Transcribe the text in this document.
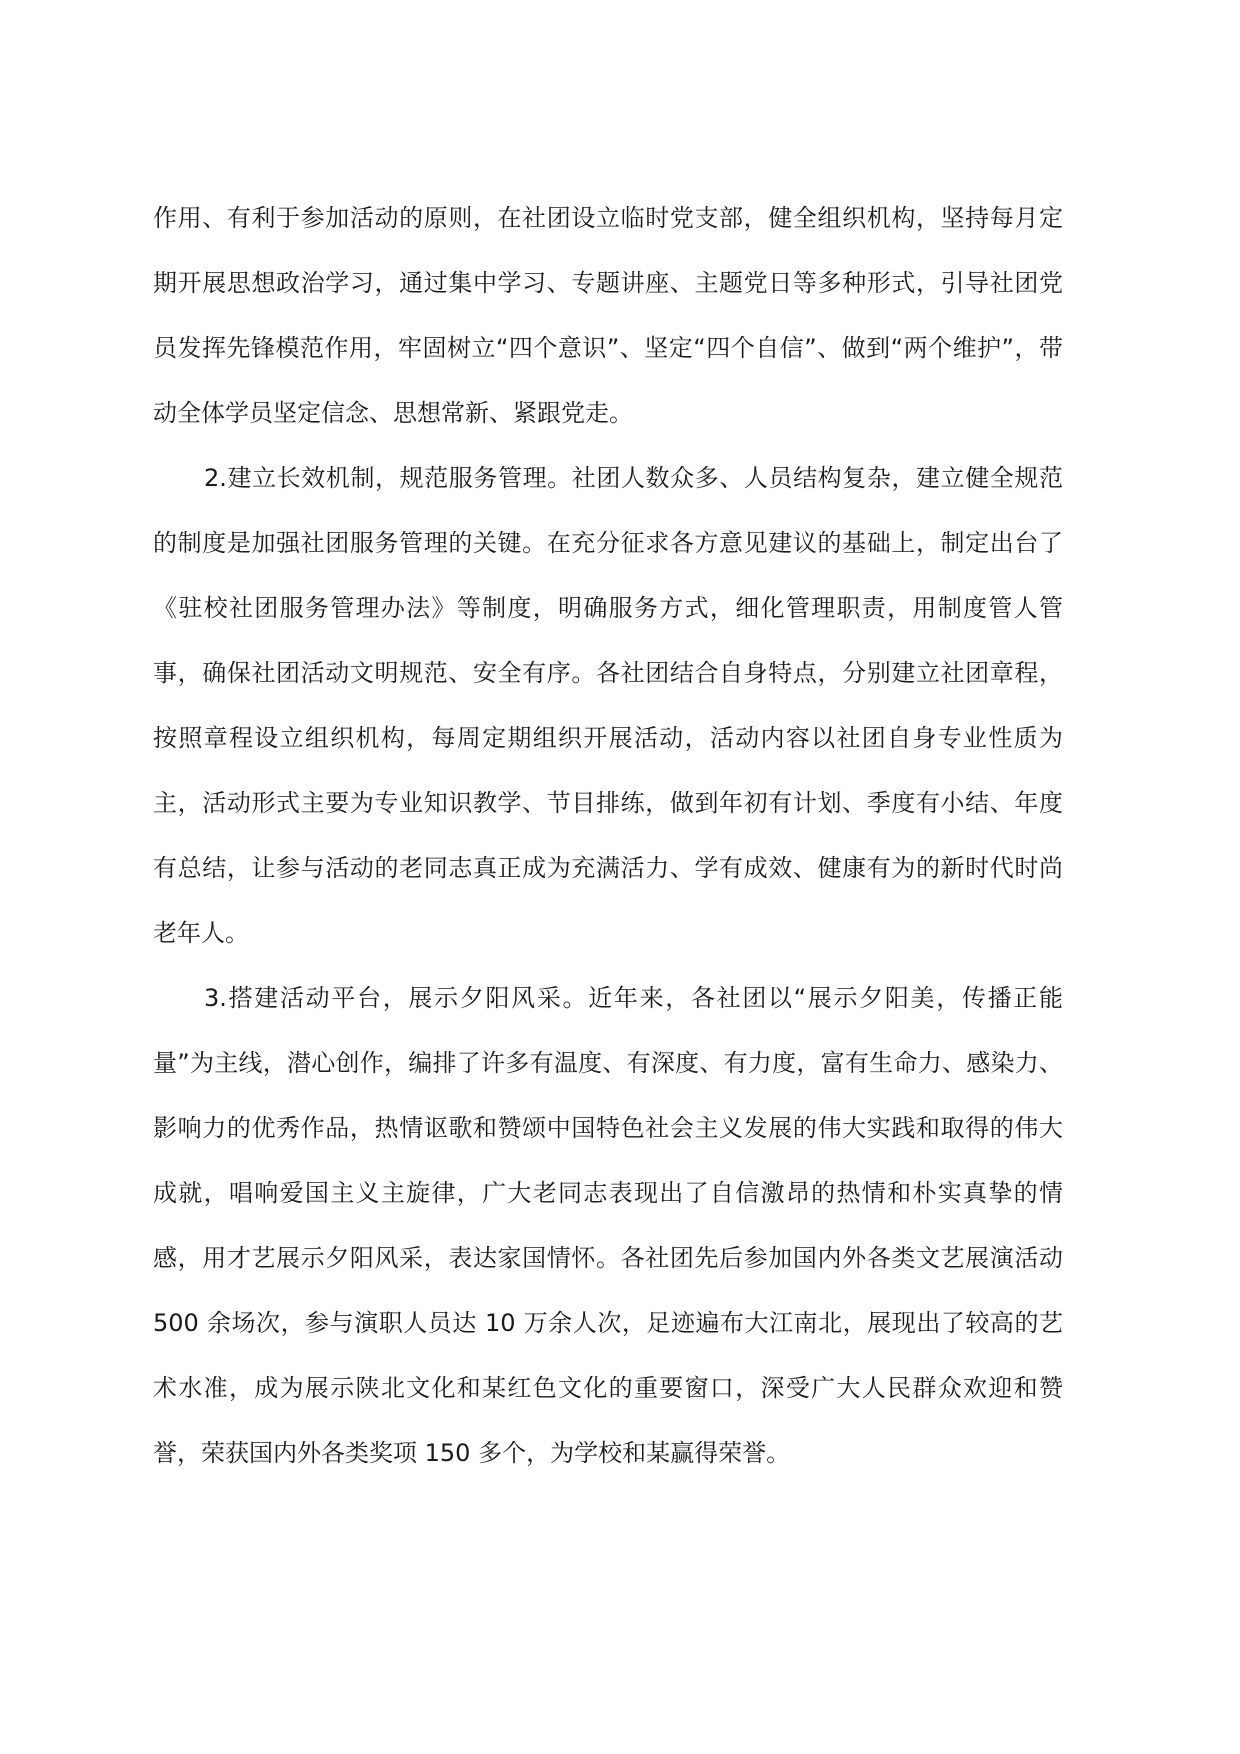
作用、有利于参加活动的原则，在社团设立临时党支部，健全组织机构，坚持每月定期开展思想政治学习，通过集中学习、专题讲座、主题党日等多种形式，引导社团党员发挥先锋模范作用，牢固树立“四个意识”、坚定“四个自信”、做到“两个维护”，带动全体学员坚定信念、思想常新、紧跟党走。

2.建立长效机制，规范服务管理。社团人数众多、人员结构复杂，建立健全规范的制度是加强社团服务管理的关键。在充分征求各方意见建议的基础上，制定出台了《驻校社团服务管理办法》等制度，明确服务方式，细化管理职责，用制度管人管事，确保社团活动文明规范、安全有序。各社团结合自身特点，分别建立社团章程，按照章程设立组织机构，每周定期组织开展活动，活动内容以社团自身专业性质为主，活动形式主要为专业知识教学、节目排练，做到年初有计划、季度有小结、年度有总结，让参与活动的老同志真正成为充满活力、学有成效、健康有为的新时代时尚老年人。

3.搭建活动平台，展示夕阳风采。近年来，各社团以“展示夕阳美，传播正能量”为主线，潜心创作，编排了许多有温度、有深度、有力度，富有生命力、感染力、影响力的优秀作品，热情讴歌和赞颂中国特色社会主义发展的伟大实践和取得的伟大成就，唱响爱国主义主旋律，广大老同志表现出了自信激昂的热情和朴实真挚的情感，用才艺展示夕阳风采，表达家国情怀。各社团先后参加国内外各类文艺展演活动 500 余场次，参与演职人员达 10 万余人次，足迹遍布大江南北，展现出了较高的艺术水准，成为展示陕北文化和某红色文化的重要窗口，深受广大人民群众欢迎和赞誉，荣获国内外各类奖项 150 多个，为学校和某赢得荣誉。
